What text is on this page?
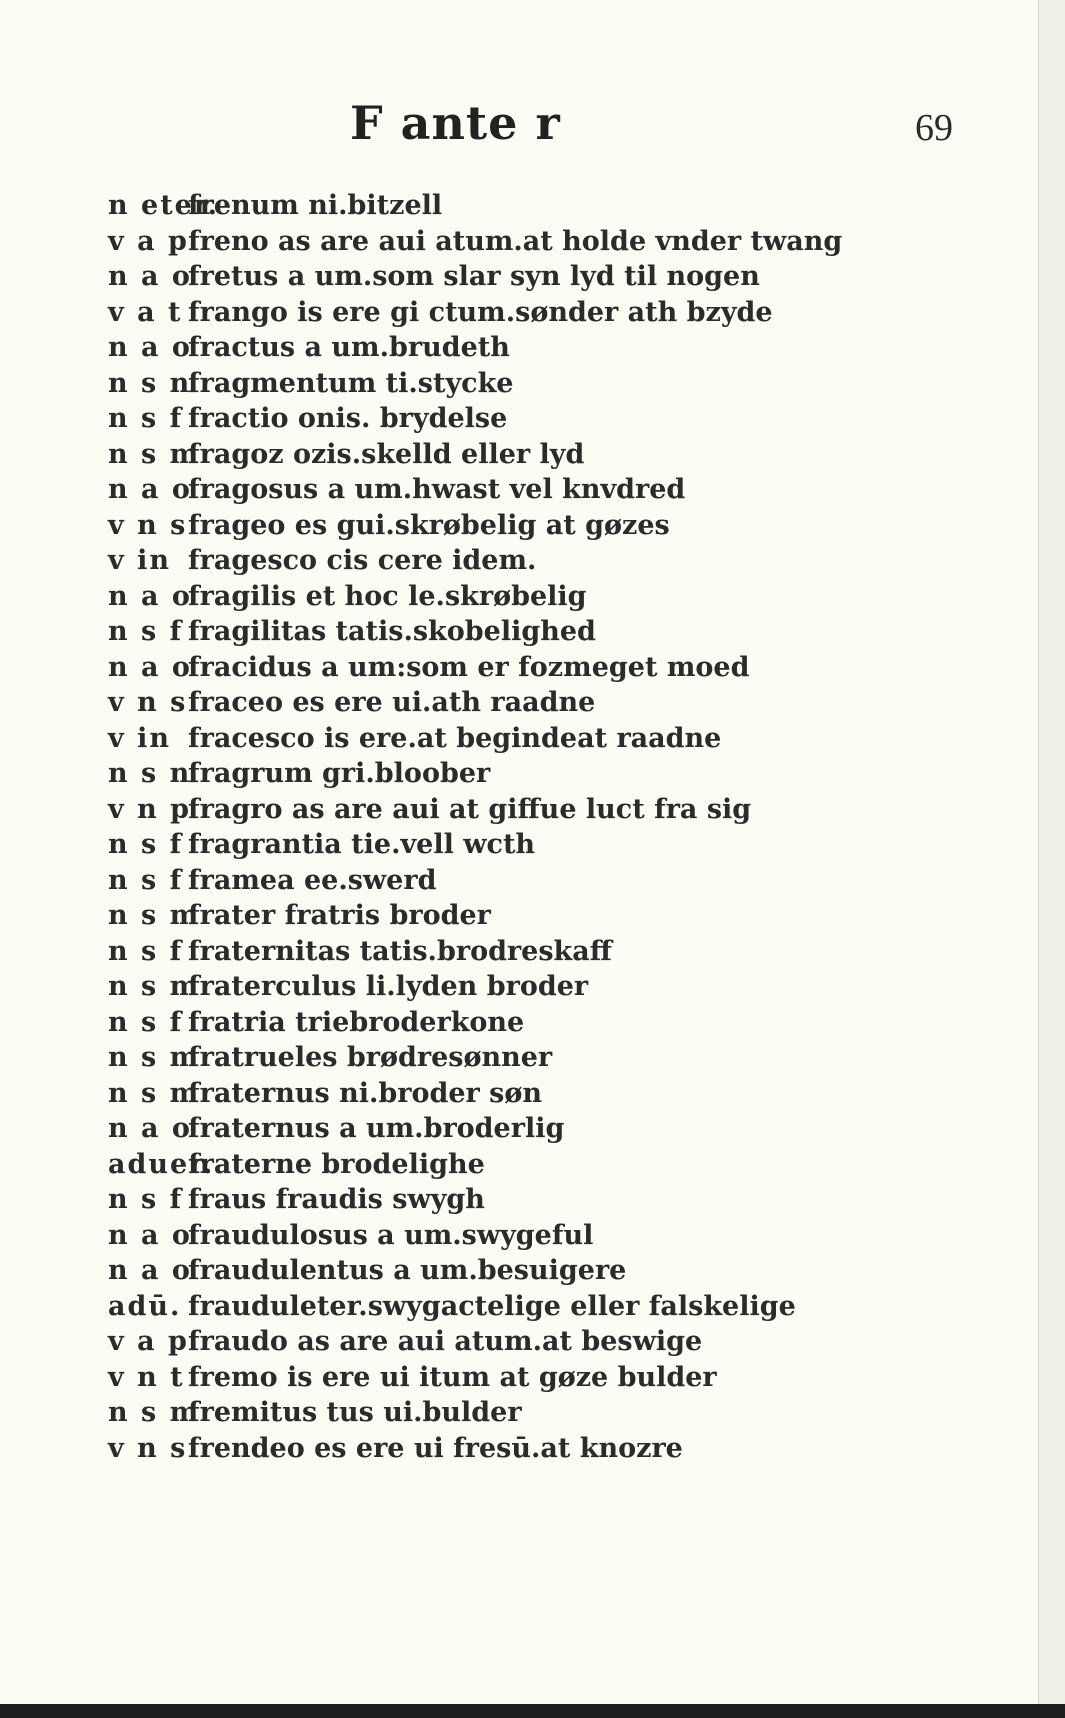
F ante r	69
n eter.
frenum ni.bitzell
v a p freno as are aui atum.at holde vnder twang
n a o
fretus a um.som slar syn lyd til nogen
v a t frango is ere gi ctum.sønder ath bzyde
n a o
fractus a um.brudeth
n s n
fragmentum ti.stycke
n s f fractio onis. brydelse
n s m
fragoz ozis.skelld eller lyd
n a o
fragosus a um.hwast vel knvdred
v n s frageo es gui.skrøbelig at gøzes
v in fragesco cis cere idem.
n a o
fragilis et hoc le.skrøbelig
n s f fragilitas tatis.skobelighed
n a o
fracidus a um:som er fozmeget moed
v n s fraceo es ere ui.ath raadne
v in fracesco is ere.at begindeat raadne
n s n
fragrum gri.bloober
v n p
fragro as are aui at giffue luct fra sig
n s f fragrantia tie.vell wcth
n s f framea ee.swerd
n s m
frater fratris broder
n s f fraternitas tatis.brodreskaff
n s m
fraterculus li.lyden broder
n s f fratria triebroderkone
n s m
fratrueles brødresønner
n s m
fraternus ni.broder søn
n a o
fraternus a um.broderlig
aduer.
fraterne brodelighe
n s f fraus fraudis swygh
n a o
fraudulosus a um.swygeful
n a o
fraudulentus a um.besuigere
adū. frauduleter.swygactelige eller falskelige
v a p fraudo as are aui atum.at beswige
v n t fremo is ere ui itum at gøze bulder
n s m
fremitus tus ui.bulder
v n s frendeo es ere ui fresū.at knozre
